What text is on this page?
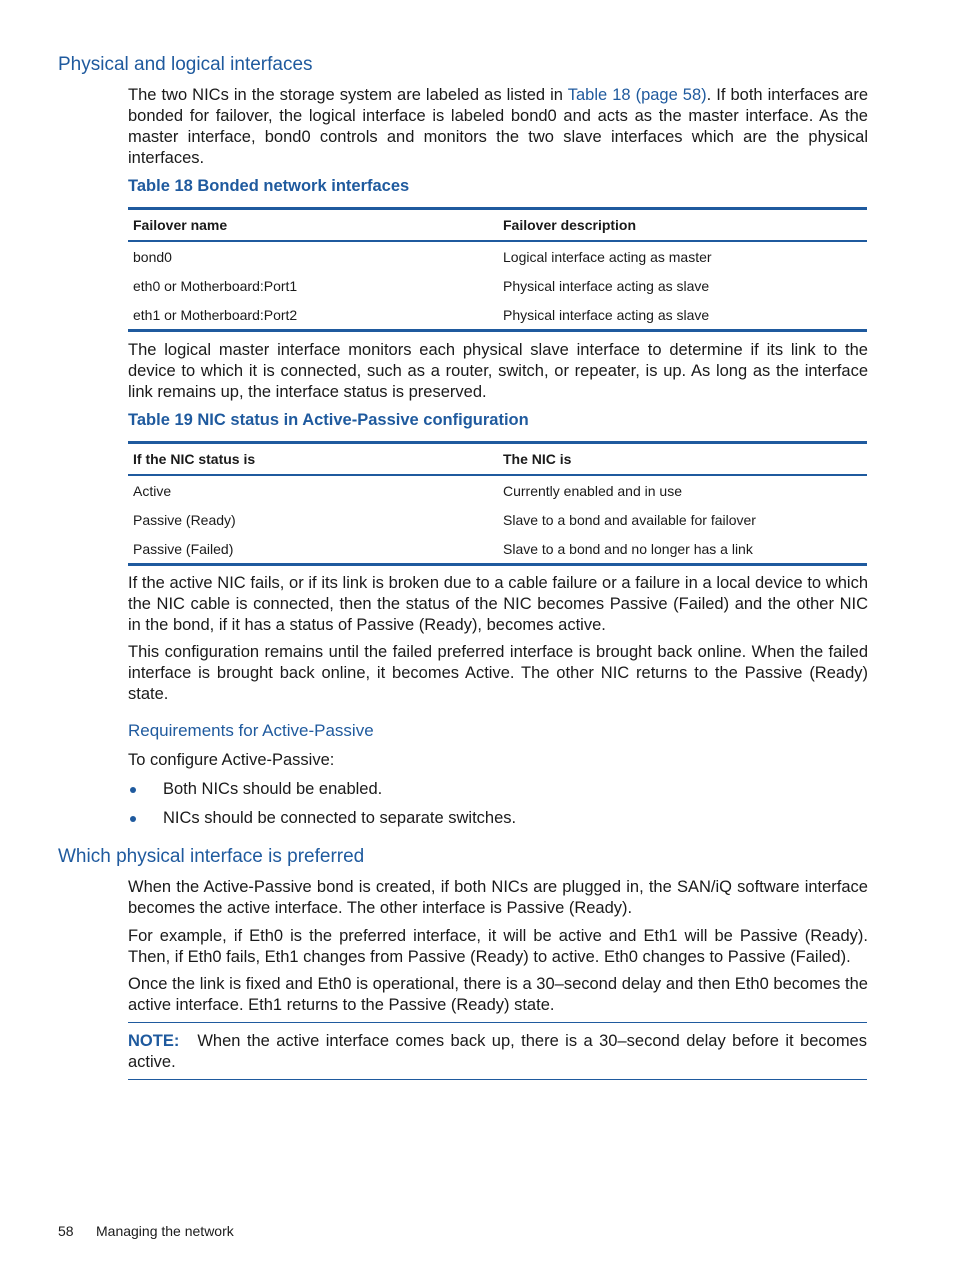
Physical and logical interfaces
The two NICs in the storage system are labeled as listed in Table 18 (page 58). If both interfaces are bonded for failover, the logical interface is labeled bond0 and acts as the master interface. As the master interface, bond0 controls and monitors the two slave interfaces which are the physical interfaces.
Table 18 Bonded network interfaces
Failover name	Failover description
bond0	Logical interface acting as master
eth0 or Motherboard:Port1	Physical interface acting as slave
eth1 or Motherboard:Port2	Physical interface acting as slave
The logical master interface monitors each physical slave interface to determine if its link to the device to which it is connected, such as a router, switch, or repeater, is up. As long as the interface link remains up, the interface status is preserved.
Table 19 NIC status in Active-Passive configuration
If the NIC status is	The NIC is
Active	Currently enabled and in use
Passive (Ready)	Slave to a bond and available for failover
Passive (Failed)	Slave to a bond and no longer has a link
If the active NIC fails, or if its link is broken due to a cable failure or a failure in a local device to which the NIC cable is connected, then the status of the NIC becomes Passive (Failed) and the other NIC in the bond, if it has a status of Passive (Ready), becomes active.
This configuration remains until the failed preferred interface is brought back online. When the failed interface is brought back online, it becomes Active. The other NIC returns to the Passive (Ready) state.
Requirements for Active-Passive
To configure Active-Passive:
Both NICs should be enabled.
NICs should be connected to separate switches.
Which physical interface is preferred
When the Active-Passive bond is created, if both NICs are plugged in, the SAN/iQ software interface becomes the active interface. The other interface is Passive (Ready).
For example, if Eth0 is the preferred interface, it will be active and Eth1 will be Passive (Ready). Then, if Eth0 fails, Eth1 changes from Passive (Ready) to active. Eth0 changes to Passive (Failed).
Once the link is fixed and Eth0 is operational, there is a 30–second delay and then Eth0 becomes the active interface. Eth1 returns to the Passive (Ready) state.
NOTE: When the active interface comes back up, there is a 30–second delay before it becomes active.
58 Managing the network
